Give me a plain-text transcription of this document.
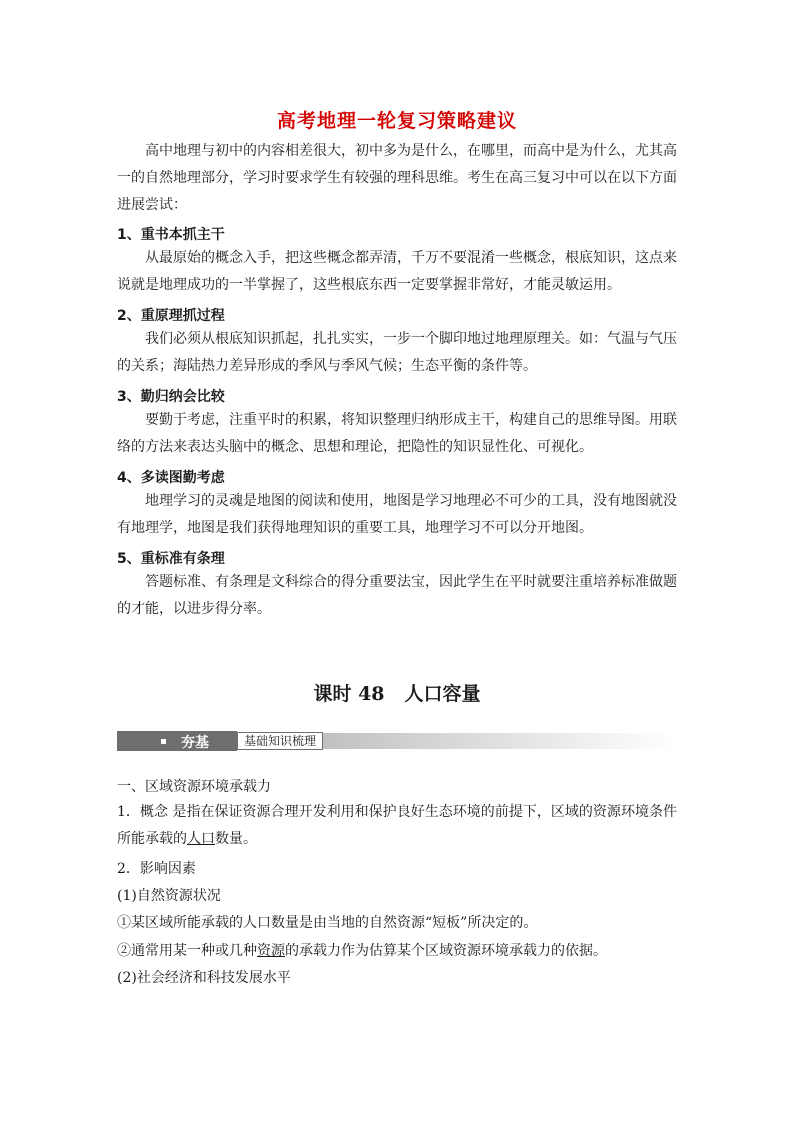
高考地理一轮复习策略建议
高中地理与初中的内容相差很大，初中多为是什么，在哪里，而高中是为什么，尤其高一的自然地理部分，学习时要求学生有较强的理科思维。考生在高三复习中可以在以下方面进展尝试：
1、重书本抓主干
从最原始的概念入手，把这些概念都弄清，千万不要混淆一些概念，根底知识，这点来说就是地理成功的一半掌握了，这些根底东西一定要掌握非常好，才能灵敏运用。
2、重原理抓过程
我们必须从根底知识抓起，扎扎实实，一步一个脚印地过地理原理关。如：气温与气压的关系；海陆热力差异形成的季风与季风气候；生态平衡的条件等。
3、勤归纳会比较
要勤于考虑，注重平时的积累，将知识整理归纳形成主干，构建自己的思维导图。用联络的方法来表达头脑中的概念、思想和理论，把隐性的知识显性化、可视化。
4、多读图勤考虑
地理学习的灵魂是地图的阅读和使用，地图是学习地理必不可少的工具，没有地图就没有地理学，地图是我们获得地理知识的重要工具，地理学习不可以分开地图。
5、重标准有条理
答题标准、有条理是文科综合的得分重要法宝，因此学生在平时就要注重培养标准做题的才能，以进步得分率。
课时 48 人口容量
夯基	基础知识梳理
一、区域资源环境承载力
1．概念 是指在保证资源合理开发利用和保护良好生态环境的前提下，区域的资源环境条件所能承载的人口数量。
2．影响因素
(1)自然资源状况
①某区域所能承载的人口数量是由当地的自然资源“短板”所决定的。
②通常用某一种或几种资源的承载力作为估算某个区域资源环境承载力的依据。
(2)社会经济和科技发展水平
